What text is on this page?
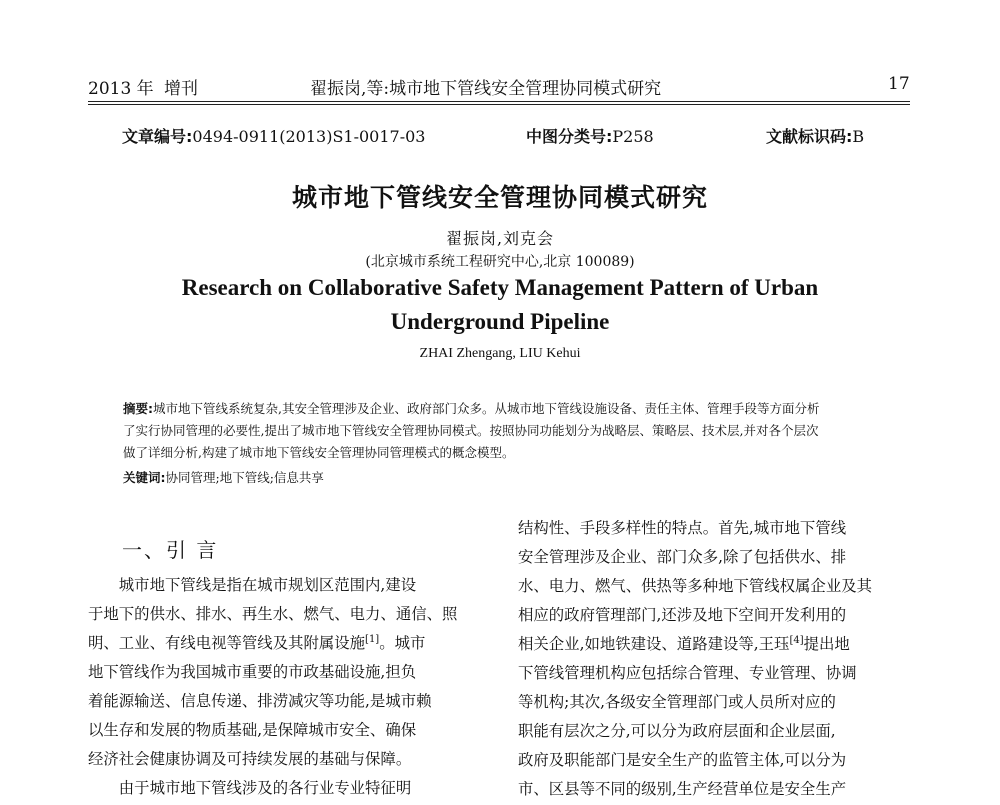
2013 年 增刊	翟振岗,等:城市地下管线安全管理协同模式研究	17
文章编号:0494-0911(2013)S1-0017-03	中图分类号:P258	文献标识码:B
城市地下管线安全管理协同模式研究
翟振岗,刘克会
(北京城市系统工程研究中心,北京 100089)
Research on Collaborative Safety Management Pattern of Urban
Underground Pipeline
ZHAI Zhengang, LIU Kehui
摘要:城市地下管线系统复杂,其安全管理涉及企业、政府部门众多。从城市地下管线设施设备、责任主体、管理手段等方面分析
了实行协同管理的必要性,提出了城市地下管线安全管理协同模式。按照协同功能划分为战略层、策略层、技术层,并对各个层次
做了详细分析,构建了城市地下管线安全管理协同管理模式的概念模型。
关键词:协同管理;地下管线;信息共享
一、引 言
　　城市地下管线是指在城市规划区范围内,建设
于地下的供水、排水、再生水、燃气、电力、通信、照
明、工业、有线电视等管线及其附属设施[1]。城市
地下管线作为我国城市重要的市政基础设施,担负
着能源输送、信息传递、排涝减灾等功能,是城市赖
以生存和发展的物质基础,是保障城市安全、确保
经济社会健康协调及可持续发展的基础与保障。
　　由于城市地下管线涉及的各行业专业特征明
结构性、手段多样性的特点。首先,城市地下管线
安全管理涉及企业、部门众多,除了包括供水、排
水、电力、燃气、供热等多种地下管线权属企业及其
相应的政府管理部门,还涉及地下空间开发利用的
相关企业,如地铁建设、道路建设等,王珏[4]提出地
下管线管理机构应包括综合管理、专业管理、协调
等机构;其次,各级安全管理部门或人员所对应的
职能有层次之分,可以分为政府层面和企业层面,
政府及职能部门是安全生产的监管主体,可以分为
市、区县等不同的级别,生产经营单位是安全生产
